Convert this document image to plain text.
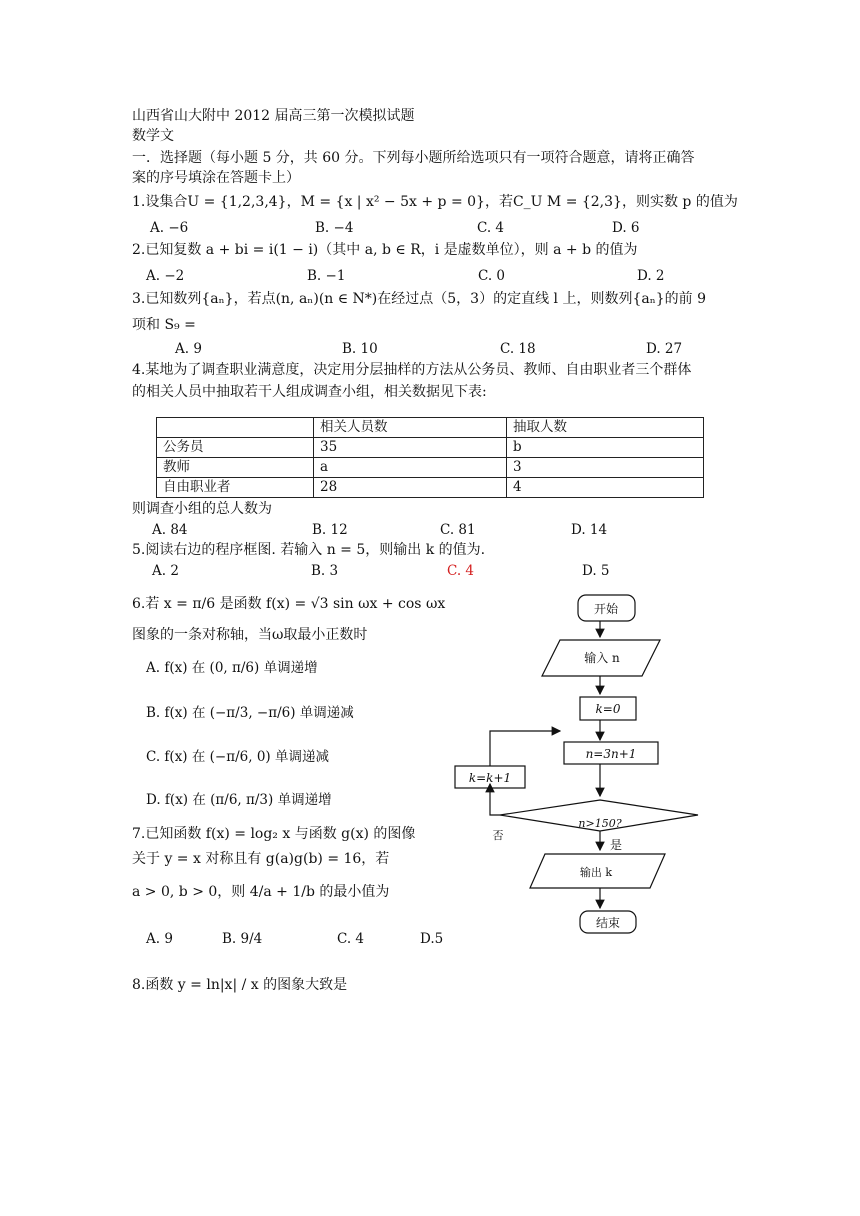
山西省山大附中 2012 届高三第一次模拟试题
数学文
一．选择题（每小题 5 分，共 60 分。下列每小题所给选项只有一项符合题意，请将正确答
案的序号填涂在答题卡上）
1.设集合U = {1,2,3,4}，M = {x | x² − 5x + p = 0}，若C_U M = {2,3}，则实数 p 的值为
A. −6	B. −4	C. 4	D. 6
2.已知复数 a + bi = i(1 − i)（其中 a, b ∈ R，i 是虚数单位），则 a + b 的值为
A. −2	B. −1	C. 0	D. 2
3.已知数列{aₙ}，若点(n, aₙ)(n ∈ N*)在经过点（5，3）的定直线 l 上，则数列{aₙ}的前 9
项和 S₉ =
A. 9	B. 10	C. 18	D. 27
4.某地为了调查职业满意度，决定用分层抽样的方法从公务员、教师、自由职业者三个群体
的相关人员中抽取若干人组成调查小组，相关数据见下表:
	相关人员数	抽取人数
公务员	35	b
教师	a	3
自由职业者	28	4
则调查小组的总人数为
A. 84	B. 12	C. 81	D. 14
5.阅读右边的程序框图. 若输入 n = 5，则输出 k 的值为.
A. 2	B. 3	C. 4	D. 5
6.若 x = π/6 是函数 f(x) = √3 sin ωx + cos ωx
图象的一条对称轴，当ω取最小正数时
A. f(x) 在 (0, π/6) 单调递增
B. f(x) 在 (−π/3, −π/6) 单调递减
C. f(x) 在 (−π/6, 0) 单调递减
D. f(x) 在 (π/6, π/3) 单调递增
7.已知函数 f(x) = log₂ x 与函数 g(x) 的图像
关于 y = x 对称且有 g(a)g(b) = 16，若
a > 0, b > 0，则 4/a + 1/b 的最小值为
A. 9	B. 9/4	C. 4	D.5
8.函数 y = ln|x| / x 的图象大致是
开始
输入 n
k=0
n=3n+1
k=k+1
n>150?
否
是
输出 k
结束
